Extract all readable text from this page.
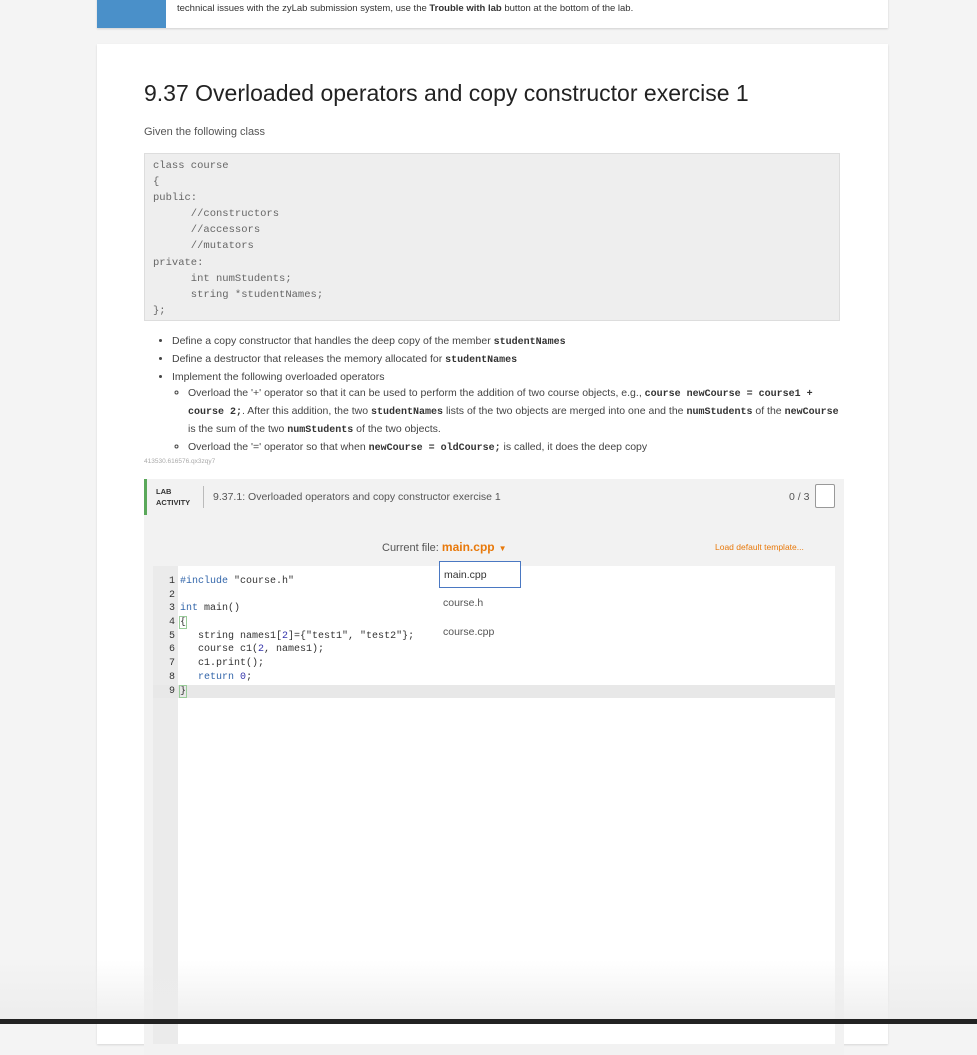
technical issues with the zyLab submission system, use the Trouble with lab button at the bottom of the lab.
9.37 Overloaded operators and copy constructor exercise 1
Given the following class
class course
{
public:
//constructors
//accessors
//mutators
private:
int numStudents;
string *studentNames;
};
• Define a copy constructor that handles the deep copy of the member studentNames
• Define a destructor that releases the memory allocated for studentNames
• Implement the following overloaded operators
◦ Overload the '+' operator so that it can be used to perform the addition of two course objects, e.g., course newCourse = course1 + course 2;. After this addition, the two studentNames lists of the two objects are merged into one and the numStudents of the newCourse is the sum of the two numStudents of the two objects.
◦ Overload the '=' operator so that when newCourse = oldCourse; is called, it does the deep copy
413530.616576.qx3zqy7
LAB
ACTIVITY 9.37.1: Overloaded operators and copy constructor exercise 1	0 / 3
Current file: main.cpp ▼	Load default template...
1 #include "course.h"
2
3 int main()
4 {
5   string names1[2]={"test1", "test2"};
6   course c1(2, names1);
7   c1.print();
8 return 0;
9 }
main.cpp
course.h
course.cpp
